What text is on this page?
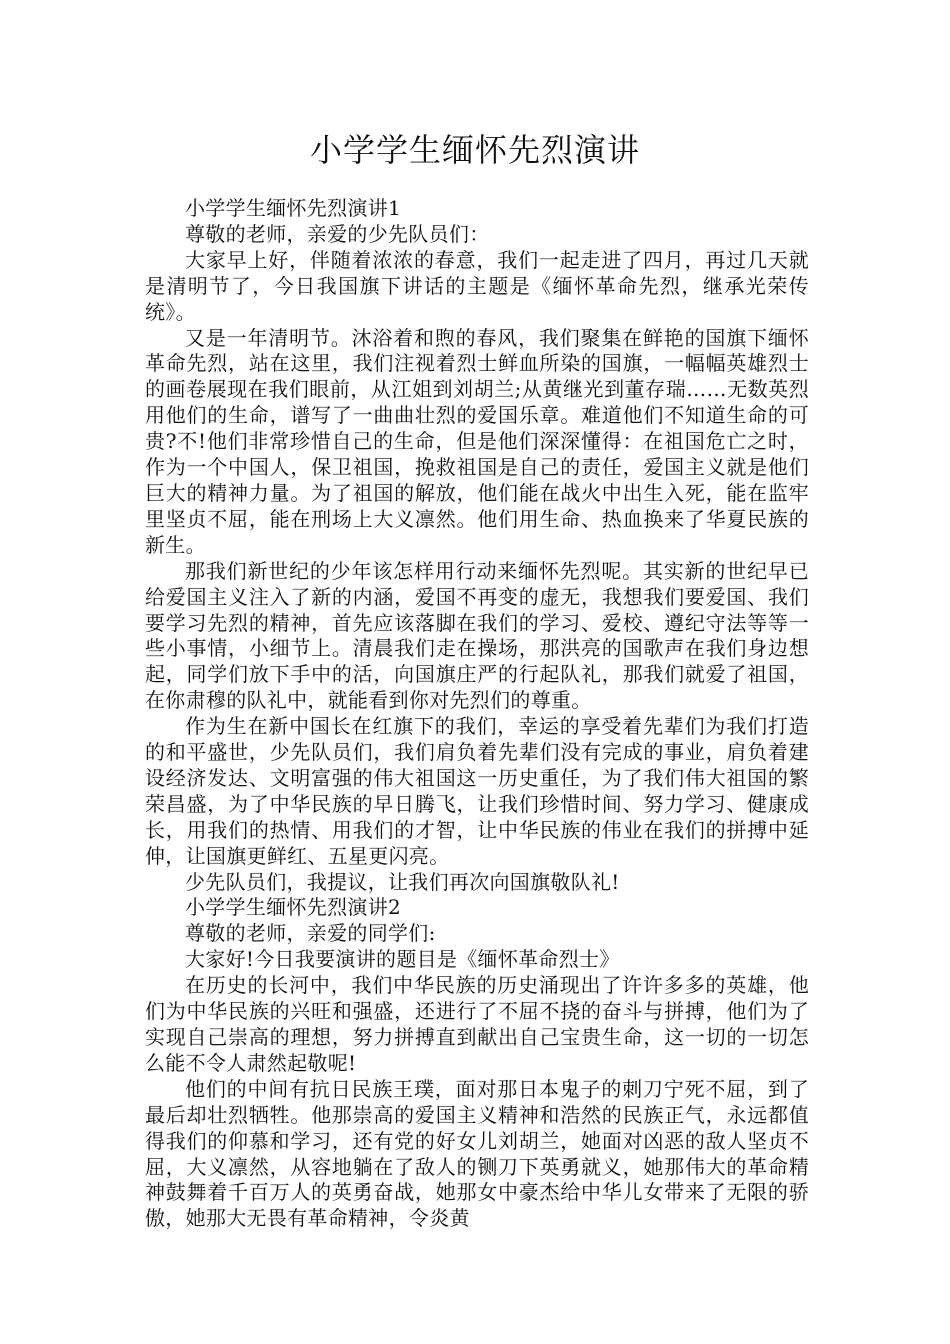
小学学生缅怀先烈演讲

小学学生缅怀先烈演讲1

尊敬的老师，亲爱的少先队员们：

大家早上好，伴随着浓浓的春意，我们一起走进了四月，再过几天就是清明节了，今日我国旗下讲话的主题是《缅怀革命先烈，继承光荣传统》。

又是一年清明节。沐浴着和煦的春风，我们聚集在鲜艳的国旗下缅怀革命先烈，站在这里，我们注视着烈士鲜血所染的国旗，一幅幅英雄烈士的画卷展现在我们眼前，从江姐到刘胡兰;从黄继光到董存瑞……无数英烈用他们的生命，谱写了一曲曲壮烈的爱国乐章。难道他们不知道生命的可贵?不!他们非常珍惜自己的生命，但是他们深深懂得：在祖国危亡之时，作为一个中国人，保卫祖国，挽救祖国是自己的责任，爱国主义就是他们巨大的精神力量。为了祖国的解放，他们能在战火中出生入死，能在监牢里坚贞不屈，能在刑场上大义凛然。他们用生命、热血换来了华夏民族的新生。

那我们新世纪的少年该怎样用行动来缅怀先烈呢。其实新的世纪早已给爱国主义注入了新的内涵，爱国不再变的虚无，我想我们要爱国、我们要学习先烈的精神，首先应该落脚在我们的学习、爱校、遵纪守法等等一些小事情，小细节上。清晨我们走在操场，那洪亮的国歌声在我们身边想起，同学们放下手中的活，向国旗庄严的行起队礼，那我们就爱了祖国，在你肃穆的队礼中，就能看到你对先烈们的尊重。

作为生在新中国长在红旗下的我们，幸运的享受着先辈们为我们打造的和平盛世，少先队员们，我们肩负着先辈们没有完成的事业，肩负着建设经济发达、文明富强的伟大祖国这一历史重任，为了我们伟大祖国的繁荣昌盛，为了中华民族的早日腾飞，让我们珍惜时间、努力学习、健康成长，用我们的热情、用我们的才智，让中华民族的伟业在我们的拼搏中延伸，让国旗更鲜红、五星更闪亮。

少先队员们，我提议，让我们再次向国旗敬队礼!

小学学生缅怀先烈演讲2

尊敬的老师，亲爱的同学们:

大家好!今日我要演讲的题目是《缅怀革命烈士》

在历史的长河中，我们中华民族的历史涌现出了许许多多的英雄，他们为中华民族的兴旺和强盛，还进行了不屈不挠的奋斗与拼搏，他们为了实现自己崇高的理想，努力拼搏直到献出自己宝贵生命，这一切的一切怎么能不令人肃然起敬呢!

他们的中间有抗日民族王璞，面对那日本鬼子的刺刀宁死不屈，到了最后却壮烈牺牲。他那崇高的爱国主义精神和浩然的民族正气，永远都值得我们的仰慕和学习，还有党的好女儿刘胡兰，她面对凶恶的敌人坚贞不屈，大义凛然，从容地躺在了敌人的铡刀下英勇就义，她那伟大的革命精神鼓舞着千百万人的英勇奋战，她那女中豪杰给中华儿女带来了无限的骄傲，她那大无畏有革命精神，令炎黄
